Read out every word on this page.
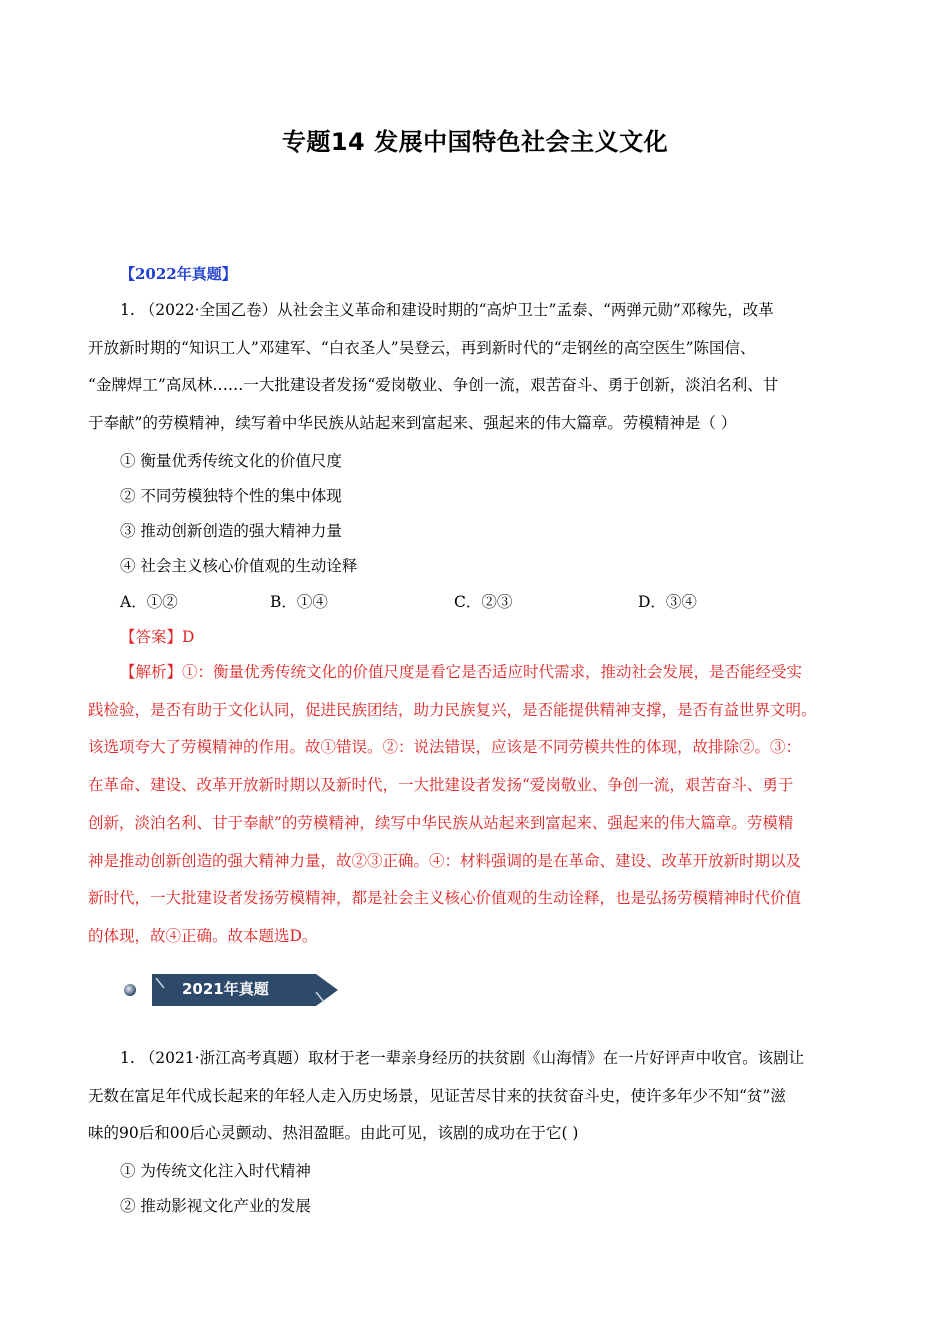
专题14 发展中国特色社会主义文化
【2022年真题】
1. （2022·全国乙卷）从社会主义革命和建设时期的“高炉卫士”孟泰、“两弹元勋”邓稼先，改革
开放新时期的“知识工人”邓建军、“白衣圣人”吴登云，再到新时代的“走钢丝的高空医生”陈国信、
“金牌焊工”高凤林……一大批建设者发扬“爱岗敬业、争创一流，艰苦奋斗、勇于创新，淡泊名利、甘
于奉献”的劳模精神，续写着中华民族从站起来到富起来、强起来的伟大篇章。劳模精神是（ ）
① 衡量优秀传统文化的价值尺度
② 不同劳模独特个性的集中体现
③ 推动创新创造的强大精神力量
④ 社会主义核心价值观的生动诠释
A．①②	B．①④	C．②③	D．③④
【答案】D
【解析】①：衡量优秀传统文化的价值尺度是看它是否适应时代需求，推动社会发展，是否能经受实
践检验，是否有助于文化认同，促进民族团结，助力民族复兴，是否能提供精神支撑，是否有益世界文明。
该选项夸大了劳模精神的作用。故①错误。②：说法错误，应该是不同劳模共性的体现，故排除②。③：
在革命、建设、改革开放新时期以及新时代，一大批建设者发扬“爱岗敬业、争创一流，艰苦奋斗、勇于
创新，淡泊名利、甘于奉献”的劳模精神，续写中华民族从站起来到富起来、强起来的伟大篇章。劳模精
神是推动创新创造的强大精神力量，故②③正确。④：材料强调的是在革命、建设、改革开放新时期以及
新时代，一大批建设者发扬劳模精神，都是社会主义核心价值观的生动诠释，也是弘扬劳模精神时代价值
的体现，故④正确。故本题选D。
2021年真题
1. （2021·浙江高考真题）取材于老一辈亲身经历的扶贫剧《山海情》在一片好评声中收官。该剧让
无数在富足年代成长起来的年轻人走入历史场景，见证苦尽甘来的扶贫奋斗史，使许多年少不知“贫”滋
味的90后和00后心灵颤动、热泪盈眶。由此可见，该剧的成功在于它( )
① 为传统文化注入时代精神
② 推动影视文化产业的发展
